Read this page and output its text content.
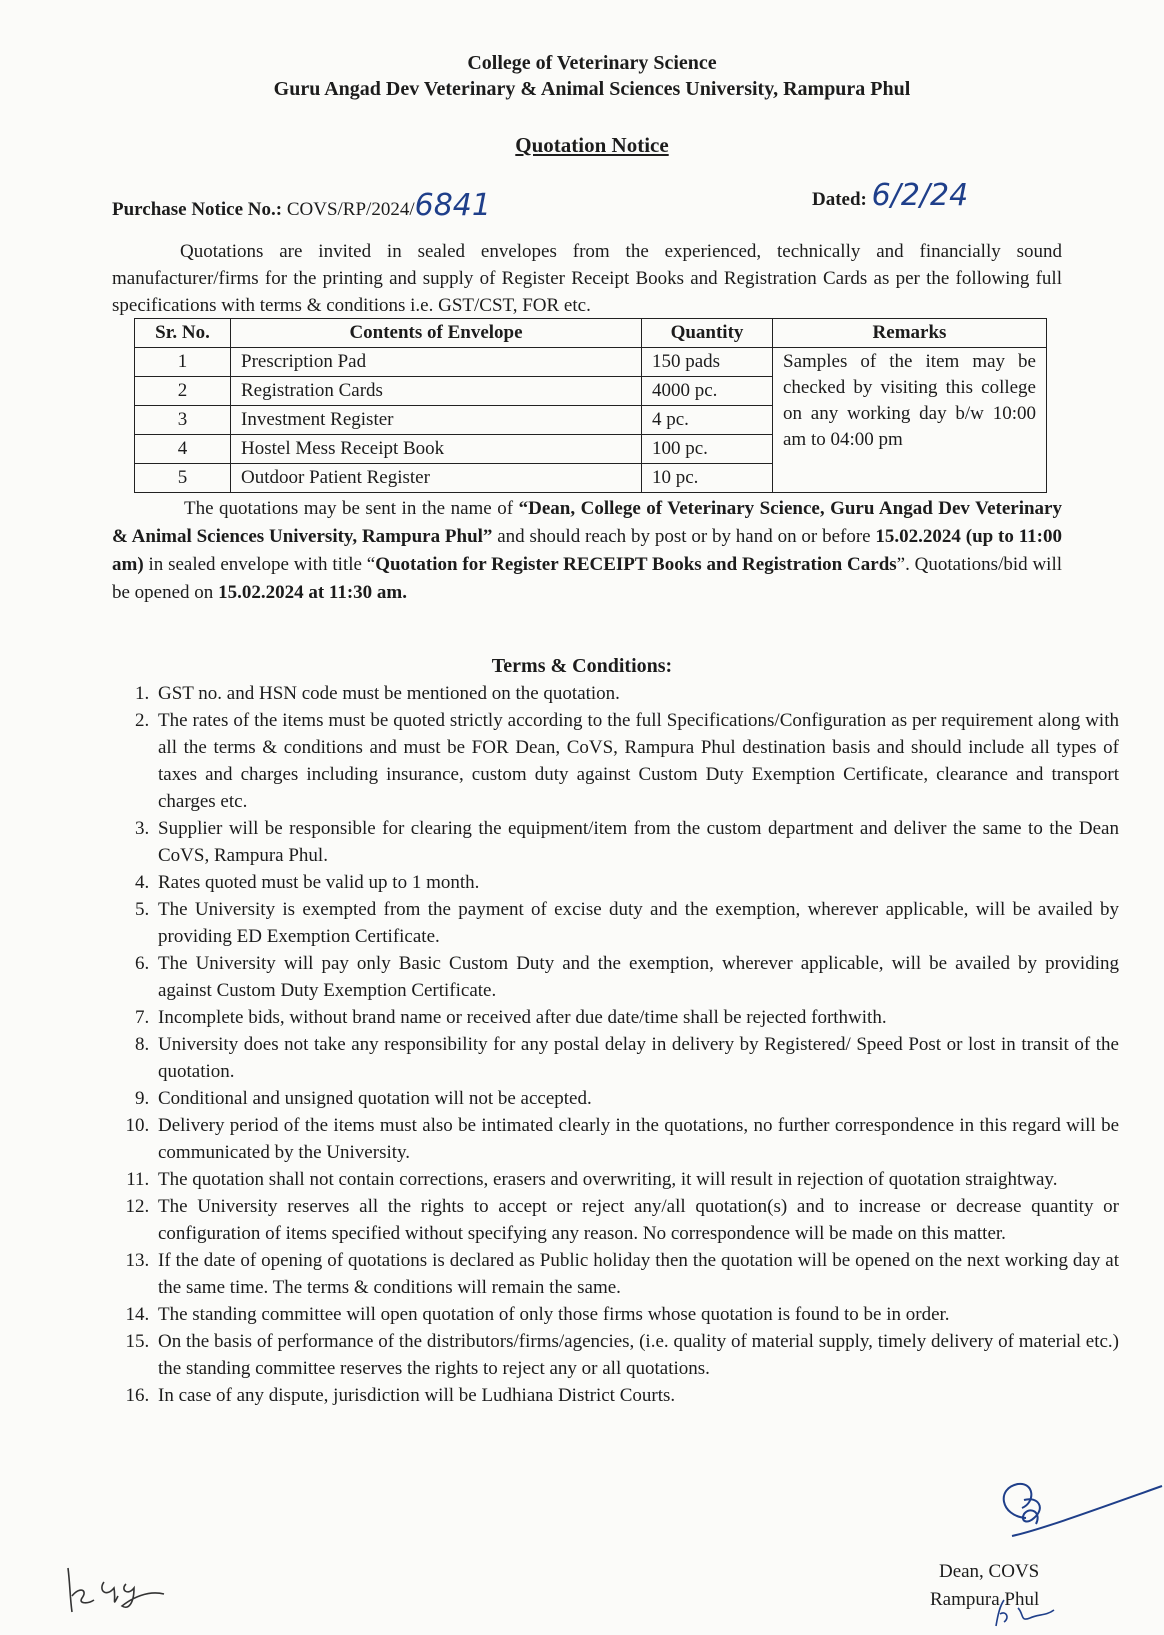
College of Veterinary Science
Guru Angad Dev Veterinary & Animal Sciences University, Rampura Phul
Quotation Notice
Purchase Notice No.: COVS/RP/2024/6841	Dated: 6/2/24
Quotations are invited in sealed envelopes from the experienced, technically and financially sound manufacturer/firms for the printing and supply of Register Receipt Books and Registration Cards as per the following full specifications with terms & conditions i.e. GST/CST, FOR etc.
Sr. No.	Contents of Envelope	Quantity	Remarks
1	Prescription Pad	150 pads	Samples of the item may be checked by visiting this college on any working day b/w 10:00 am to 04:00 pm
2	Registration Cards	4000 pc.	
3	Investment Register	4 pc.	
4	Hostel Mess Receipt Book	100 pc.	
5	Outdoor Patient Register	10 pc.	
The quotations may be sent in the name of “Dean, College of Veterinary Science, Guru Angad Dev Veterinary & Animal Sciences University, Rampura Phul” and should reach by post or by hand on or before 15.02.2024 (up to 11:00 am) in sealed envelope with title “Quotation for Register RECEIPT Books and Registration Cards”. Quotations/bid will be opened on 15.02.2024 at 11:30 am.
Terms & Conditions:
1. GST no. and HSN code must be mentioned on the quotation.
2. The rates of the items must be quoted strictly according to the full Specifications/Configuration as per requirement along with all the terms & conditions and must be FOR Dean, CoVS, Rampura Phul destination basis and should include all types of taxes and charges including insurance, custom duty against Custom Duty Exemption Certificate, clearance and transport charges etc.
3. Supplier will be responsible for clearing the equipment/item from the custom department and deliver the same to the Dean CoVS, Rampura Phul.
4. Rates quoted must be valid up to 1 month.
5. The University is exempted from the payment of excise duty and the exemption, wherever applicable, will be availed by providing ED Exemption Certificate.
6. The University will pay only Basic Custom Duty and the exemption, wherever applicable, will be availed by providing against Custom Duty Exemption Certificate.
7. Incomplete bids, without brand name or received after due date/time shall be rejected forthwith.
8. University does not take any responsibility for any postal delay in delivery by Registered/ Speed Post or lost in transit of the quotation.
9. Conditional and unsigned quotation will not be accepted.
10. Delivery period of the items must also be intimated clearly in the quotations, no further correspondence in this regard will be communicated by the University.
11. The quotation shall not contain corrections, erasers and overwriting, it will result in rejection of quotation straightway.
12. The University reserves all the rights to accept or reject any/all quotation(s) and to increase or decrease quantity or configuration of items specified without specifying any reason. No correspondence will be made on this matter.
13. If the date of opening of quotations is declared as Public holiday then the quotation will be opened on the next working day at the same time. The terms & conditions will remain the same.
14. The standing committee will open quotation of only those firms whose quotation is found to be in order.
15. On the basis of performance of the distributors/firms/agencies, (i.e. quality of material supply, timely delivery of material etc.) the standing committee reserves the rights to reject any or all quotations.
16. In case of any dispute, jurisdiction will be Ludhiana District Courts.
Dean, COVS
Rampura Phul
